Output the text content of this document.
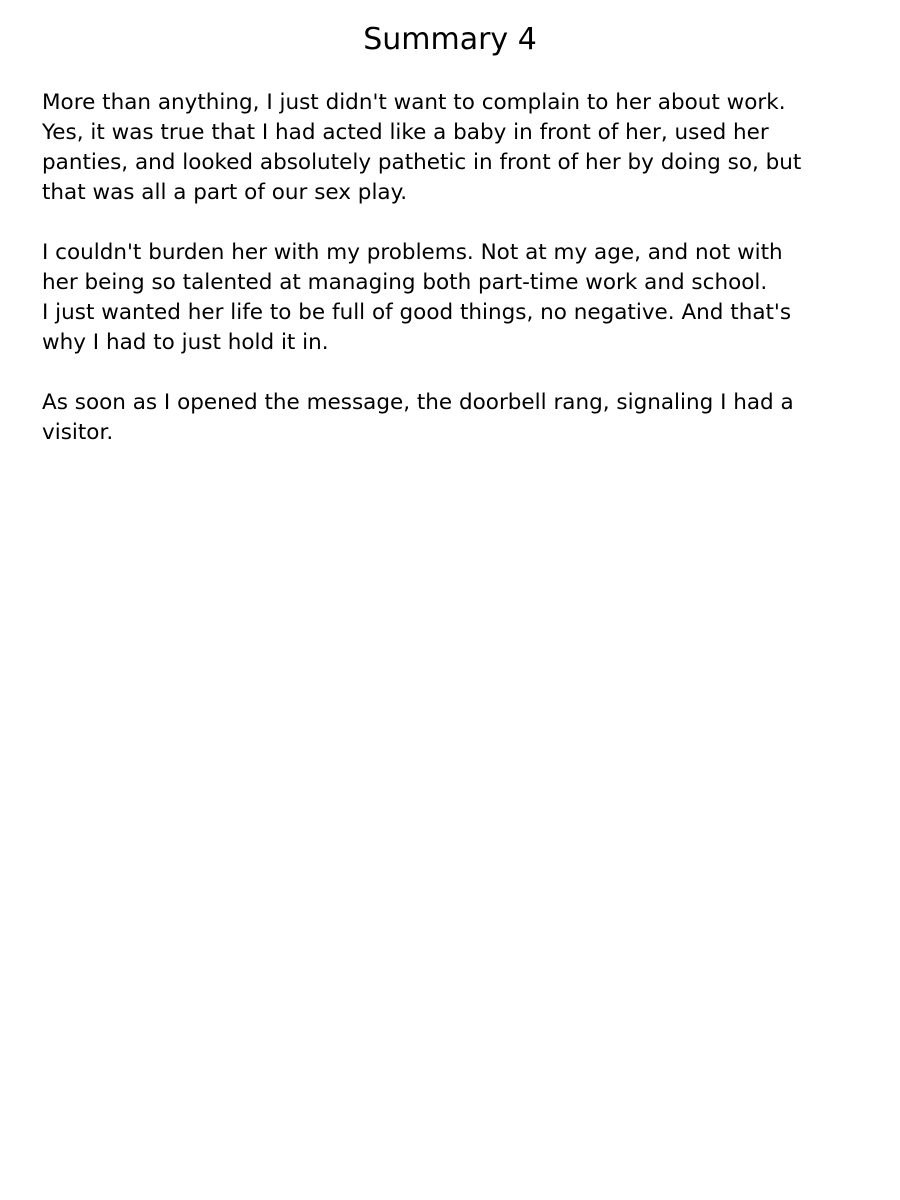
Summary 4

More than anything, I just didn't want to complain to her about work.
Yes, it was true that I had acted like a baby in front of her, used her
panties, and looked absolutely pathetic in front of her by doing so, but
that was all a part of our sex play.

I couldn't burden her with my problems. Not at my age, and not with
her being so talented at managing both part-time work and school.
I just wanted her life to be full of good things, no negative. And that's
why I had to just hold it in.

As soon as I opened the message, the doorbell rang, signaling I had a
visitor.
